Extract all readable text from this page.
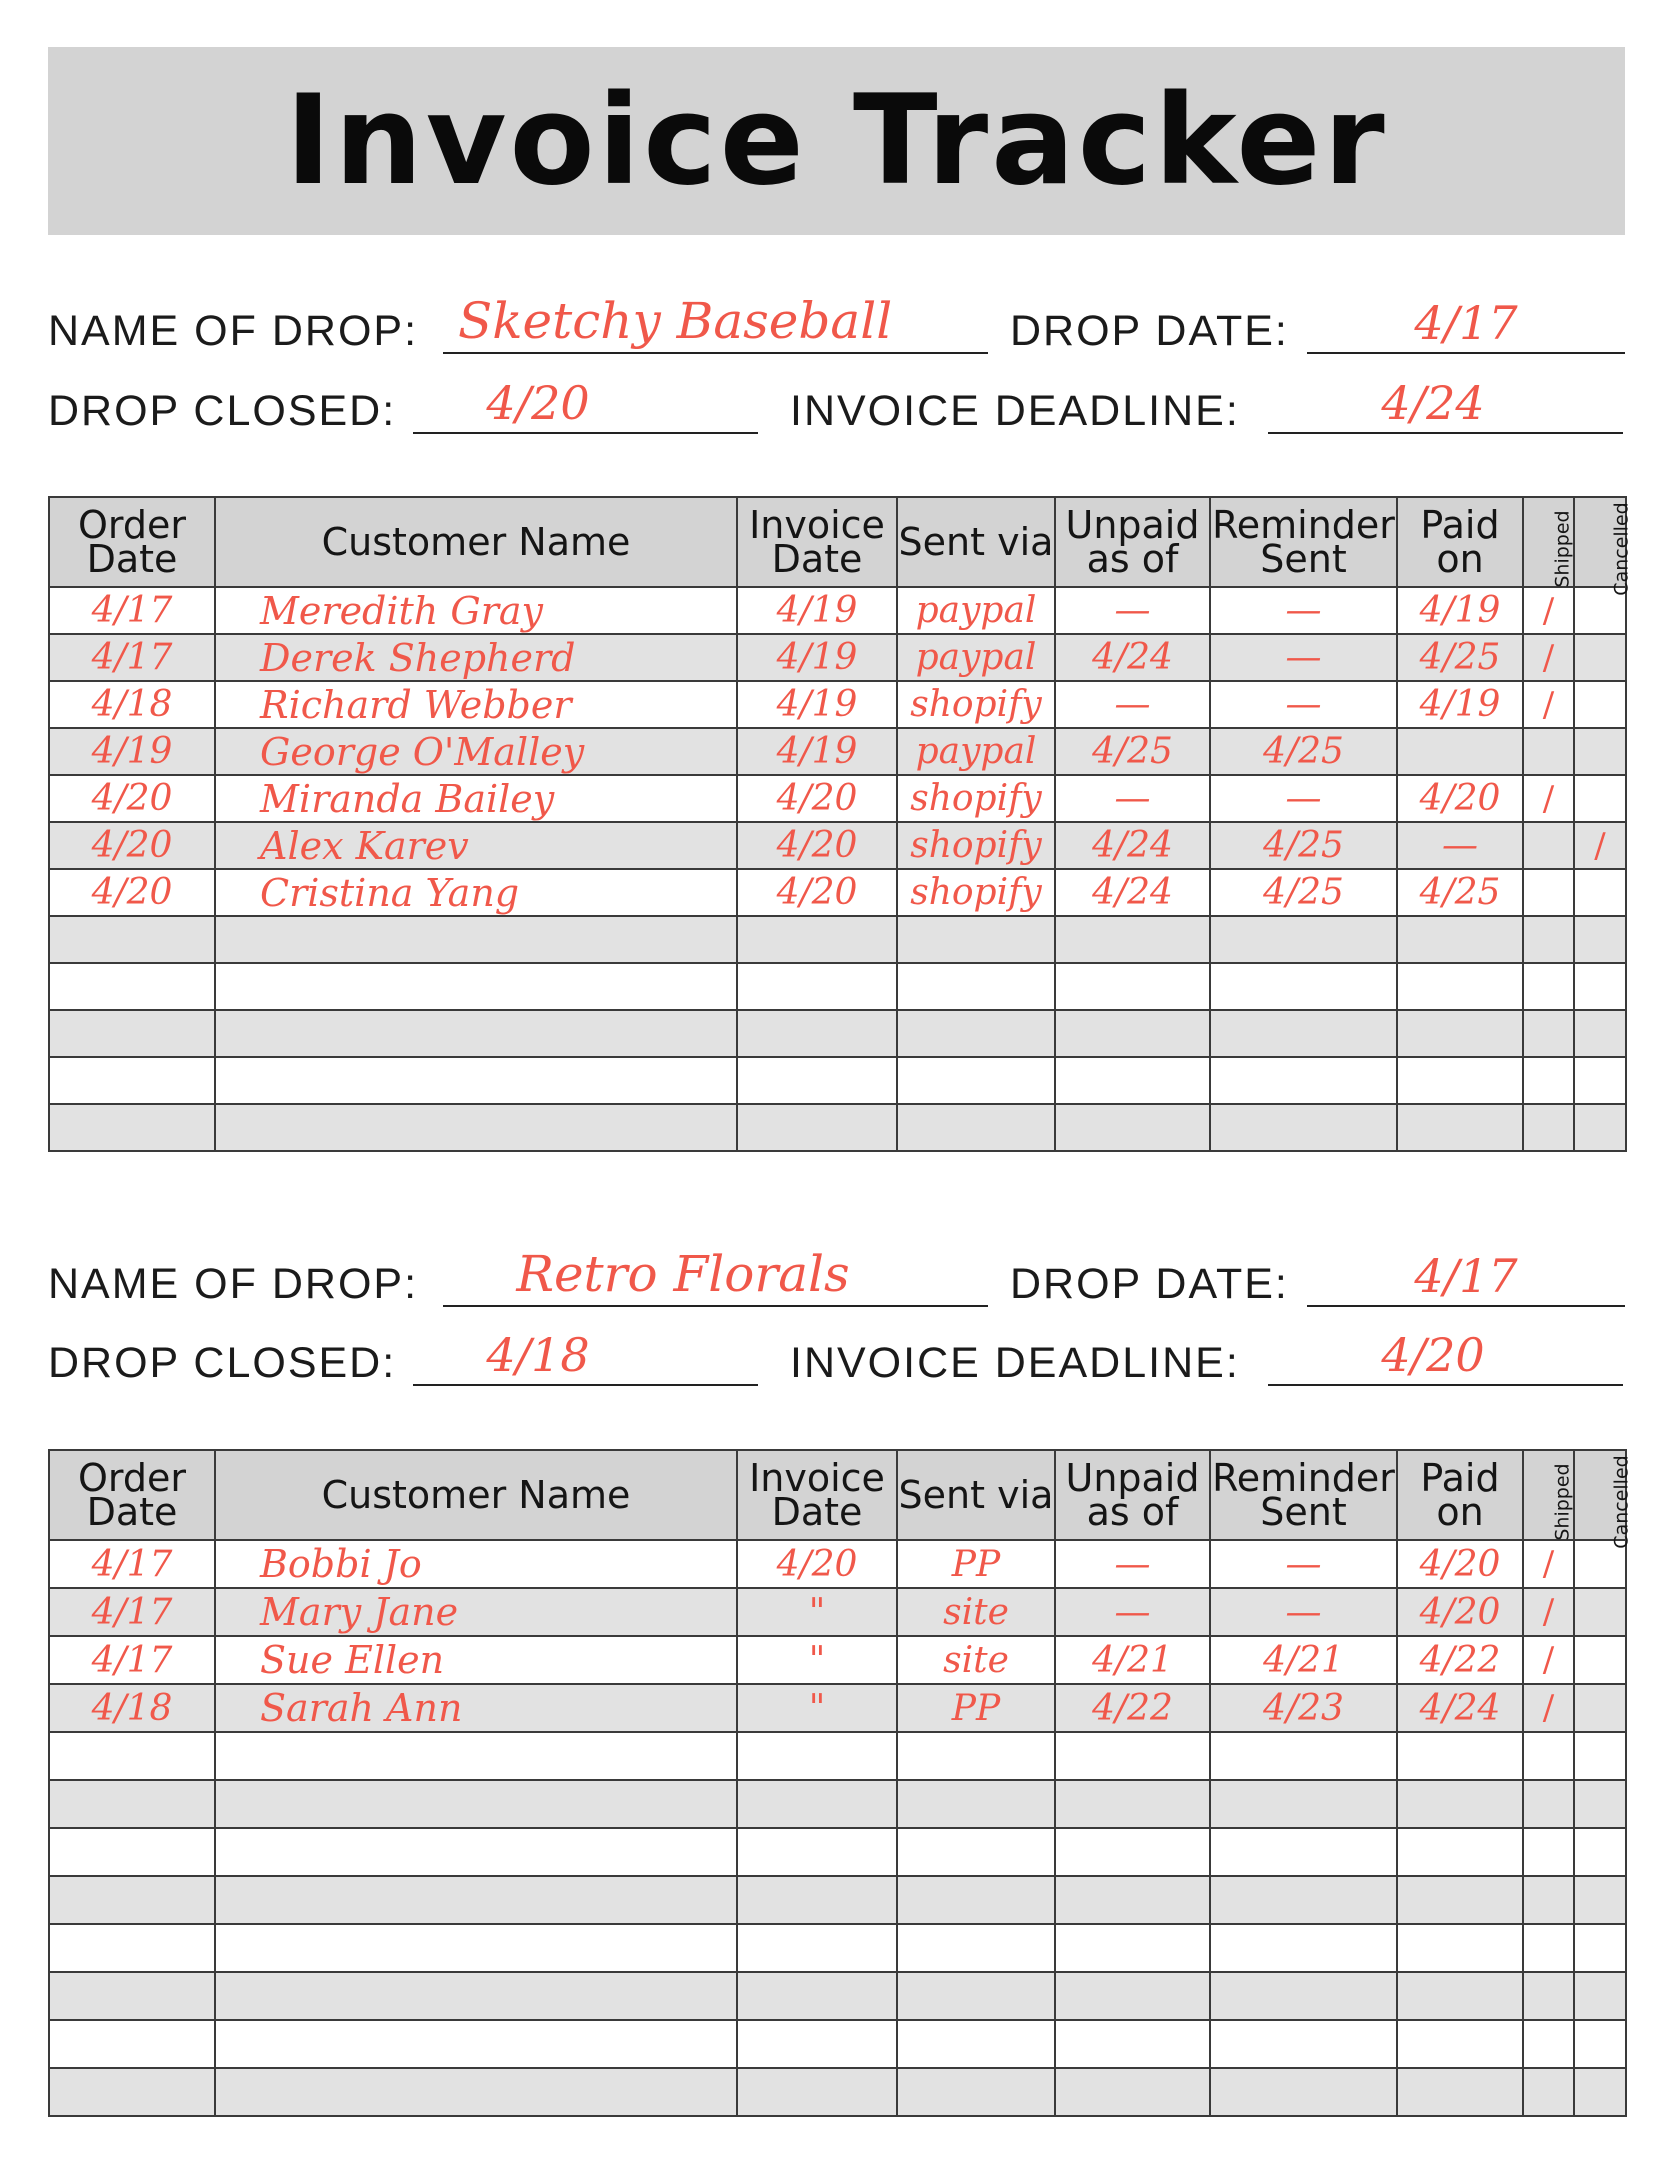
Invoice Tracker
NAME OF DROP: Sketchy Baseball	DROP DATE:	4/17
DROP CLOSED:	4/20	INVOICE DEADLINE:	4/24
Order Date	Customer Name	Invoice Date	Sent via	Unpaid as of	Reminder Sent	Paid on	Shipped	Cancelled
4/17	Meredith Gray	4/19	paypal	—	—	4/19	/	
4/17	Derek Shepherd	4/19	paypal	4/24	—	4/25	/	
4/18	Richard Webber	4/19	shopify	—	—	4/19	/	
4/19	George O'Malley	4/19	paypal	4/25	4/25			
4/20	Miranda Bailey	4/20	shopify	—	—	4/20	/	
4/20	Alex Karev	4/20	shopify	4/24	4/25	—		/
4/20	Cristina Yang	4/20	shopify	4/24	4/25	4/25		

NAME OF DROP:	Retro Florals	DROP DATE:	4/17
DROP CLOSED:	4/18	INVOICE DEADLINE:	4/20
Order Date	Customer Name	Invoice Date	Sent via	Unpaid as of	Reminder Sent	Paid on	Shipped	Cancelled
4/17	Bobbi Jo	4/20	PP	—	—	4/20	/	
4/17	Mary Jane	"	site	—	—	4/20	/	
4/17	Sue Ellen	"	site	4/21	4/21	4/22	/	
4/18	Sarah Ann	"	PP	4/22	4/23	4/24	/	
